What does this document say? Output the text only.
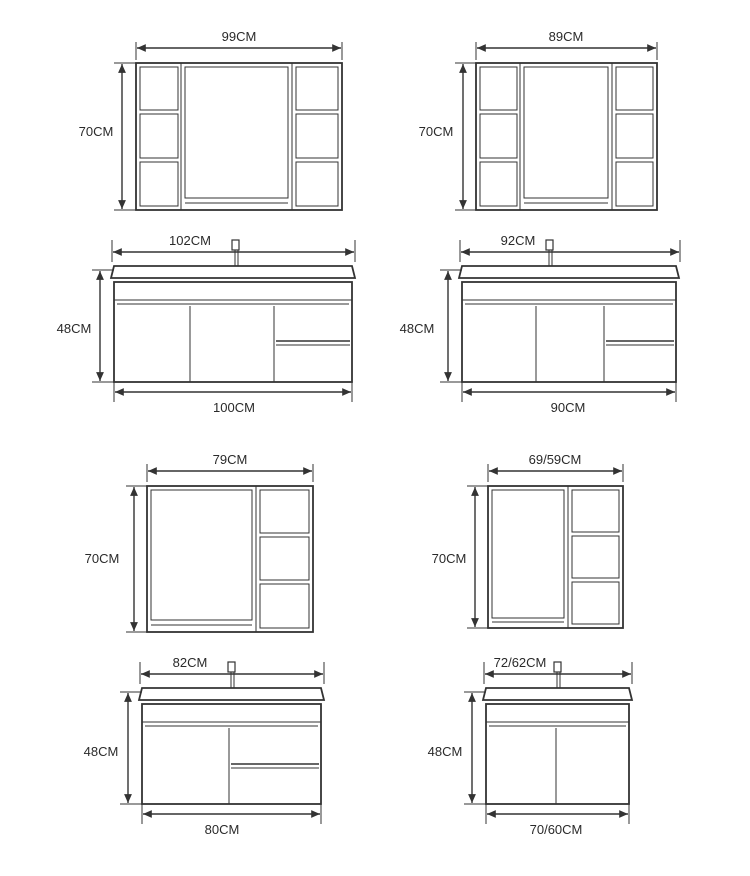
99CM
70CM
102CM
48CM
100CM
89CM
70CM
92CM
48CM
90CM
79CM
70CM
82CM
48CM
80CM
69/59CM
70CM
72/62CM
48CM
70/60CM
